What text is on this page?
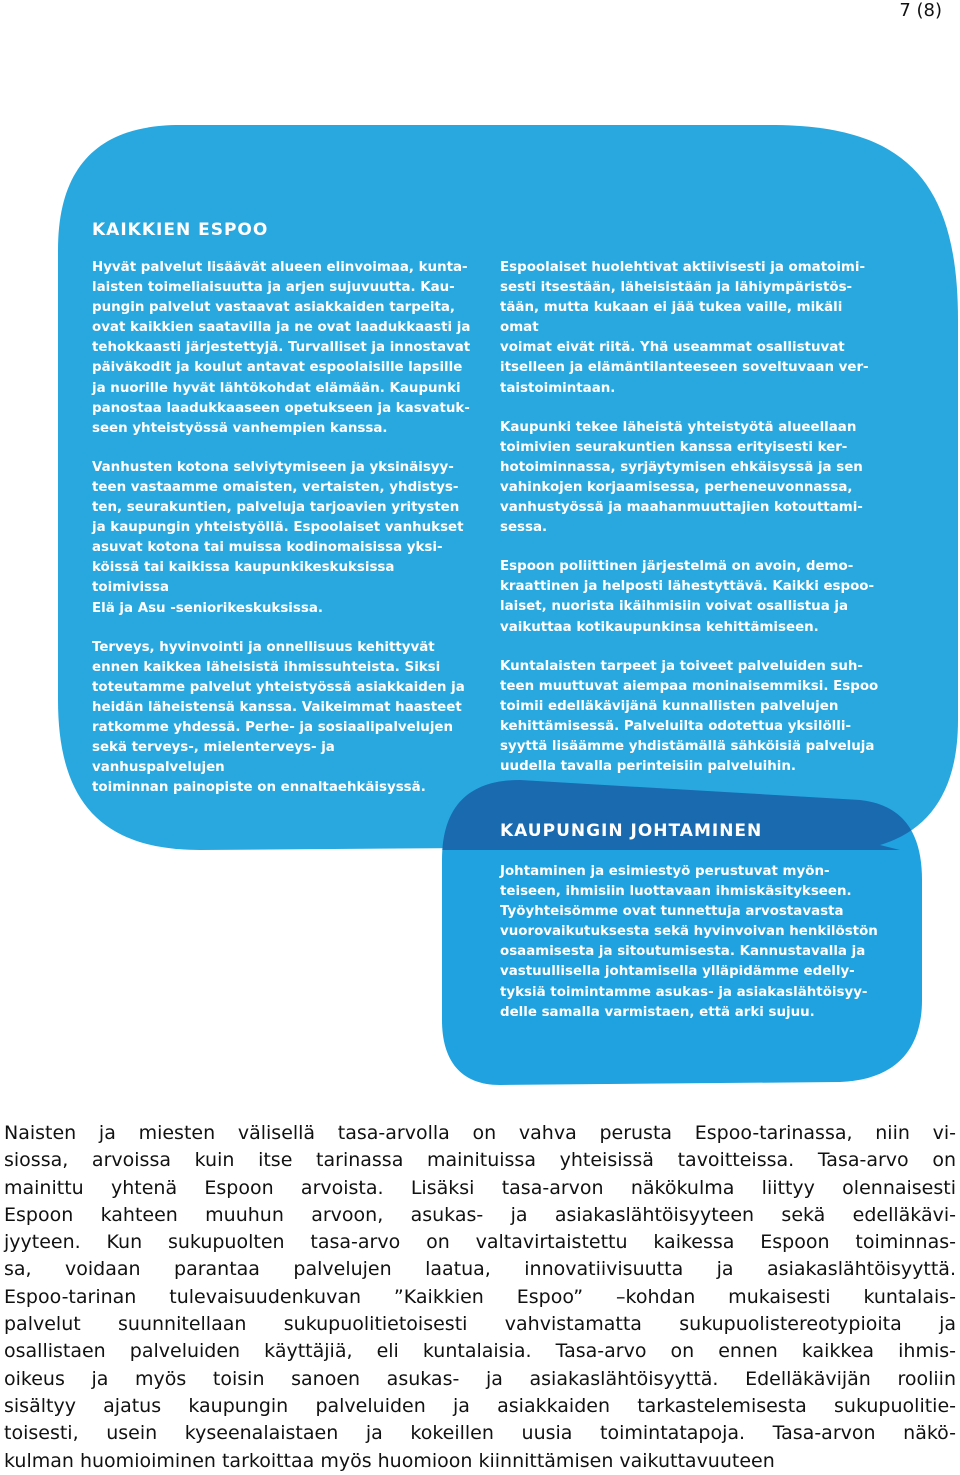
7 (8)
KAIKKIEN ESPOO

Hyvät palvelut lisäävät alueen elinvoimaa, kunta-
laisten toimeliaisuutta ja arjen sujuvuutta. Kau-
pungin palvelut vastaavat asiakkaiden tarpeita,
ovat kaikkien saatavilla ja ne ovat laadukkaasti ja
tehokkaasti järjestettyjä. Turvalliset ja innostavat
päiväkodit ja koulut antavat espoolaisille lapsille
ja nuorille hyvät lähtökohdat elämään. Kaupunki
panostaa laadukkaaseen opetukseen ja kasvatuk-
seen yhteistyössä vanhempien kanssa.

Vanhusten kotona selviytymiseen ja yksinäisyy-
teen vastaamme omaisten, vertaisten, yhdistys-
ten, seurakuntien, palveluja tarjoavien yritysten
ja kaupungin yhteistyöllä. Espoolaiset vanhukset
asuvat kotona tai muissa kodinomaisissa yksi-
köissä tai kaikissa kaupunkikeskuksissa toimivissa
Elä ja Asu -seniorikeskuksissa.

Terveys, hyvinvointi ja onnellisuus kehittyvät
ennen kaikkea läheisistä ihmissuhteista. Siksi
toteutamme palvelut yhteistyössä asiakkaiden ja
heidän läheistensä kanssa. Vaikeimmat haasteet
ratkomme yhdessä. Perhe- ja sosiaalipalvelujen
sekä terveys-, mielenterveys- ja vanhuspalvelujen
toiminnan painopiste on ennaltaehkäisyssä.

Espoolaiset huolehtivat aktiivisesti ja omatoimi-
sesti itsestään, läheisistään ja lähiympäristös-
tään, mutta kukaan ei jää tukea vaille, mikäli omat
voimat eivät riitä. Yhä useammat osallistuvat
itselleen ja elämäntilanteeseen soveltuvaan ver-
taistoimintaan.

Kaupunki tekee läheistä yhteistyötä alueellaan
toimivien seurakuntien kanssa erityisesti ker-
hotoiminnassa, syrjäytymisen ehkäisyssä ja sen
vahinkojen korjaamisessa, perheneuvonnassa,
vanhustyössä ja maahanmuuttajien kotouttami-
sessa.

Espoon poliittinen järjestelmä on avoin, demo-
kraattinen ja helposti lähestyttävä. Kaikki espoo-
laiset, nuorista ikäihmisiin voivat osallistua ja
vaikuttaa kotikaupunkinsa kehittämiseen.

Kuntalaisten tarpeet ja toiveet palveluiden suh-
teen muuttuvat aiempaa moninaisemmiksi. Espoo
toimii edelläkävijänä kunnallisten palvelujen
kehittämisessä. Palveluilta odotettua yksilölli-
syyttä lisäämme yhdistämällä sähköisiä palveluja
uudella tavalla perinteisiin palveluihin.

KAUPUNGIN JOHTAMINEN

Johtaminen ja esimiestyö perustuvat myön-
teiseen, ihmisiin luottavaan ihmiskäsitykseen.
Työyhteisömme ovat tunnettuja arvostavasta
vuorovaikutuksesta sekä hyvinvoivan henkilöstön
osaamisesta ja sitoutumisesta. Kannustavalla ja
vastuullisella johtamisella ylläpidämme edelly-
tyksiä toimintamme asukas- ja asiakaslähtöisyy-
delle samalla varmistaen, että arki sujuu.

Naisten ja miesten välisellä tasa-arvolla on vahva perusta Espoo-tarinassa, niin vi-
siossa, arvoissa kuin itse tarinassa mainituissa yhteisissä tavoitteissa. Tasa-arvo on
mainittu yhtenä Espoon arvoista. Lisäksi tasa-arvon näkökulma liittyy olennaisesti
Espoon kahteen muuhun arvoon, asukas- ja asiakaslähtöisyyteen sekä edelläkävi-
jyyteen. Kun sukupuolten tasa-arvo on valtavirtaistettu kaikessa Espoon toiminnas-
sa, voidaan parantaa palvelujen laatua, innovatiivisuutta ja asiakaslähtöisyyttä.
Espoo-tarinan tulevaisuudenkuvan ”Kaikkien Espoo” –kohdan mukaisesti kuntalais-
palvelut suunnitellaan sukupuolitietoisesti vahvistamatta sukupuolistereotypioita ja
osallistaen palveluiden käyttäjiä, eli kuntalaisia. Tasa-arvo on ennen kaikkea ihmis-
oikeus ja myös toisin sanoen asukas- ja asiakaslähtöisyyttä. Edelläkävijän rooliin
sisältyy ajatus kaupungin palveluiden ja asiakkaiden tarkastelemisesta sukupuolitie-
toisesti, usein kyseenalaistaen ja kokeillen uusia toimintatapoja. Tasa-arvon näkö-
kulman huomioiminen tarkoittaa myös huomioon kiinnittämisen vaikuttavuuteen
